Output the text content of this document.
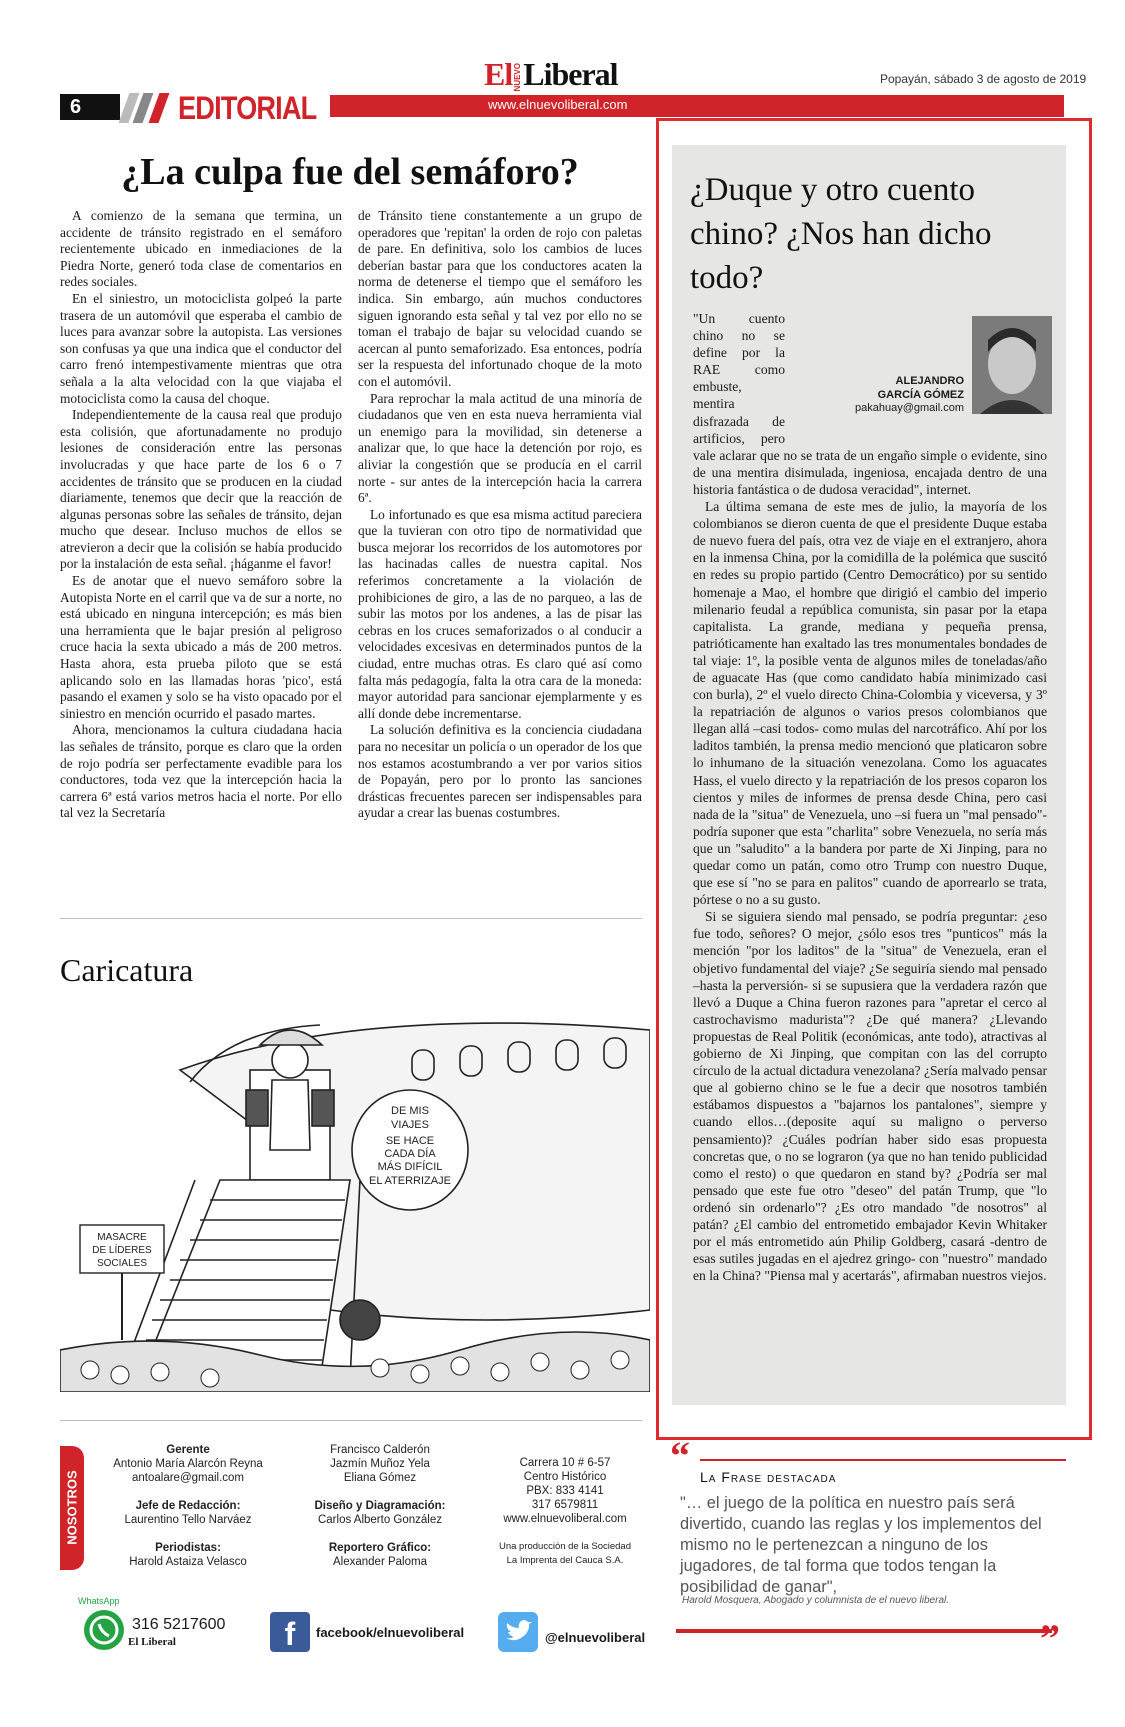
ElNUEVOLiberal	Popayán, sábado 3 de agosto de 2019
www.elnuevoliberal.com
6	EDITORIAL
¿La culpa fue del semáforo?

A comienzo de la semana que termina, un accidente de tránsito registrado en el semáforo recientemente ubicado en inmediaciones de la Piedra Norte, generó toda clase de comentarios en redes sociales.

En el siniestro, un motociclista golpeó la parte trasera de un automóvil que esperaba el cambio de luces para avanzar sobre la autopista. Las versiones son confusas ya que una indica que el conductor del carro frenó intempestivamente mientras que otra señala a la alta velocidad con la que viajaba el motociclista como la causa del choque.

Independientemente de la causa real que produjo esta colisión, que afortunadamente no produjo lesiones de consideración entre las personas involucradas y que hace parte de los 6 o 7 accidentes de tránsito que se producen en la ciudad diariamente, tenemos que decir que la reacción de algunas personas sobre las señales de tránsito, dejan mucho que desear. Incluso muchos de ellos se atrevieron a decir que la colisión se había producido por la instalación de esta señal. ¡háganme el favor!

Es de anotar que el nuevo semáforo sobre la Autopista Norte en el carril que va de sur a norte, no está ubicado en ninguna intercepción; es más bien una herramienta que le bajar presión al peligroso cruce hacia la sexta ubicado a más de 200 metros. Hasta ahora, esta prueba piloto que se está aplicando solo en las llamadas horas 'pico', está pasando el examen y solo se ha visto opacado por el siniestro en mención ocurrido el pasado martes.

Ahora, mencionamos la cultura ciudadana hacia las señales de tránsito, porque es claro que la orden de rojo podría ser perfectamente evadible para los conductores, toda vez que la intercepción hacia la carrera 6ª está varios metros hacia el norte. Por ello tal vez la Secretaría

de Tránsito tiene constantemente a un grupo de operadores que 'repitan' la orden de rojo con paletas de pare. En definitiva, solo los cambios de luces deberían bastar para que los conductores acaten la norma de detenerse el tiempo que el semáforo les indica. Sin embargo, aún muchos conductores siguen ignorando esta señal y tal vez por ello no se toman el trabajo de bajar su velocidad cuando se acercan al punto semaforizado. Esa entonces, podría ser la respuesta del infortunado choque de la moto con el automóvil.

Para reprochar la mala actitud de una minoría de ciudadanos que ven en esta nueva herramienta vial un enemigo para la movilidad, sin detenerse a analizar que, lo que hace la detención por rojo, es aliviar la congestión que se producía en el carril norte - sur antes de la intercepción hacia la carrera 6ª.

Lo infortunado es que esa misma actitud pareciera que la tuvieran con otro tipo de normatividad que busca mejorar los recorridos de los automotores por las hacinadas calles de nuestra capital. Nos referimos concretamente a la violación de prohibiciones de giro, a las de no parqueo, a las de subir las motos por los andenes, a las de pisar las cebras en los cruces semaforizados o al conducir a velocidades excesivas en determinados puntos de la ciudad, entre muchas otras. Es claro qué así como falta más pedagogía, falta la otra cara de la moneda: mayor autoridad para sancionar ejemplarmente y es allí donde debe incrementarse.

La solución definitiva es la conciencia ciudadana para no necesitar un policía o un operador de los que nos estamos acostumbrando a ver por varios sitios de Popayán, pero por lo pronto las sanciones drásticas frecuentes parecen ser indispensables para ayudar a crear las buenas costumbres.

Caricatura
DE MIS
VIAJES
SE HACE
CADA DÍA
MÁS DIFÍCIL
EL ATERRIZAJE
MASACRE
DE LÍDERES
SOCIALES
¿Duque y otro cuento chino? ¿Nos han dicho todo?
ALEJANDRO
GARCÍA GÓMEZ
pakahuay@gmail.com

"Un cuento chino no se define por la RAE como embuste, mentira disfrazada de artificios, pero vale aclarar que no se trata de un engaño simple o evidente, sino de una mentira disimulada, ingeniosa, encajada dentro de una historia fantástica o de dudosa veracidad", internet.

La última semana de este mes de julio, la mayoría de los colombianos se dieron cuenta de que el presidente Duque estaba de nuevo fuera del país, otra vez de viaje en el extranjero, ahora en la inmensa China, por la comidilla de la polémica que suscitó en redes su propio partido (Centro Democrático) por su sentido homenaje a Mao, el hombre que dirigió el cambio del imperio milenario feudal a república comunista, sin pasar por la etapa capitalista. La grande, mediana y pequeña prensa, patrióticamente han exaltado las tres monumentales bondades de tal viaje: 1º, la posible venta de algunos miles de toneladas/año de aguacate Has (que como candidato había minimizado casi con burla), 2º el vuelo directo China-Colombia y viceversa, y 3º la repatriación de algunos o varios presos colombianos que llegan allá –casi todos- como mulas del narcotráfico. Ahí por los laditos también, la prensa medio mencionó que platicaron sobre lo inhumano de la situación venezolana. Como los aguacates Hass, el vuelo directo y la repatriación de los presos coparon los cientos y miles de informes de prensa desde China, pero casi nada de la "situa" de Venezuela, uno –si fuera un "mal pensado"- podría suponer que esta "charlita" sobre Venezuela, no sería más que un "saludito" a la bandera por parte de Xi Jinping, para no quedar como un patán, como otro Trump con nuestro Duque, que ese sí "no se para en palitos" cuando de aporrearlo se trata, pórtese o no a su gusto.

Si se siguiera siendo mal pensado, se podría preguntar: ¿eso fue todo, señores? O mejor, ¿sólo esos tres "punticos" más la mención "por los laditos" de la "situa" de Venezuela, eran el objetivo fundamental del viaje? ¿Se seguiría siendo mal pensado –hasta la perversión- si se supusiera que la verdadera razón que llevó a Duque a China fueron razones para "apretar el cerco al castrochavismo madurista"? ¿De qué manera? ¿Llevando propuestas de Real Politik (económicas, ante todo), atractivas al gobierno de Xi Jinping, que compitan con las del corrupto círculo de la actual dictadura venezolana? ¿Sería malvado pensar que al gobierno chino se le fue a decir que nosotros también estábamos dispuestos a "bajarnos los pantalones", siempre y cuando ellos…(deposite aquí su maligno o perverso pensamiento)? ¿Cuáles podrían haber sido esas propuesta concretas que, o no se lograron (ya que no han tenido publicidad como el resto) o que quedaron en stand by? ¿Podría ser mal pensado que este fue otro "deseo" del patán Trump, que "lo ordenó sin ordenarlo"? ¿Es otro mandado "de nosotros" al patán? ¿El cambio del entrometido embajador Kevin Whitaker por el más entrometido aún Philip Goldberg, casará -dentro de esas sutiles jugadas en el ajedrez gringo- con "nuestro" mandado en la China? "Piensa mal y acertarás", afirmaban nuestros viejos.

“ La Frase destacada
"… el juego de la política en nuestro país será divertido, cuando las reglas y los implementos del mismo no le pertenezcan a ninguno de los jugadores, de tal forma que todos tengan la posibilidad de ganar",
Harold Mosquera, Abogado y columnista de el nuevo liberal.
”
NOSOTROS
Gerente
Antonio María Alarcón Reyna
antoalare@gmail.com
Jefe de Redacción:
Laurentino Tello Narváez
Periodistas:
Harold Astaiza Velasco
Francisco Calderón
Jazmín Muñoz Yela
Eliana Gómez
Diseño y Diagramación:
Carlos Alberto González
Reportero Gráfico:
Alexander Paloma
Carrera 10 # 6-57
Centro Histórico
PBX: 833 4141
317 6579811
www.elnuevoliberal.com
Una producción de la Sociedad
La Imprenta del Cauca S.A.
WhatsApp
316 5217600
El Liberal	f	facebook/elnuevoliberal	@elnuevoliberal
